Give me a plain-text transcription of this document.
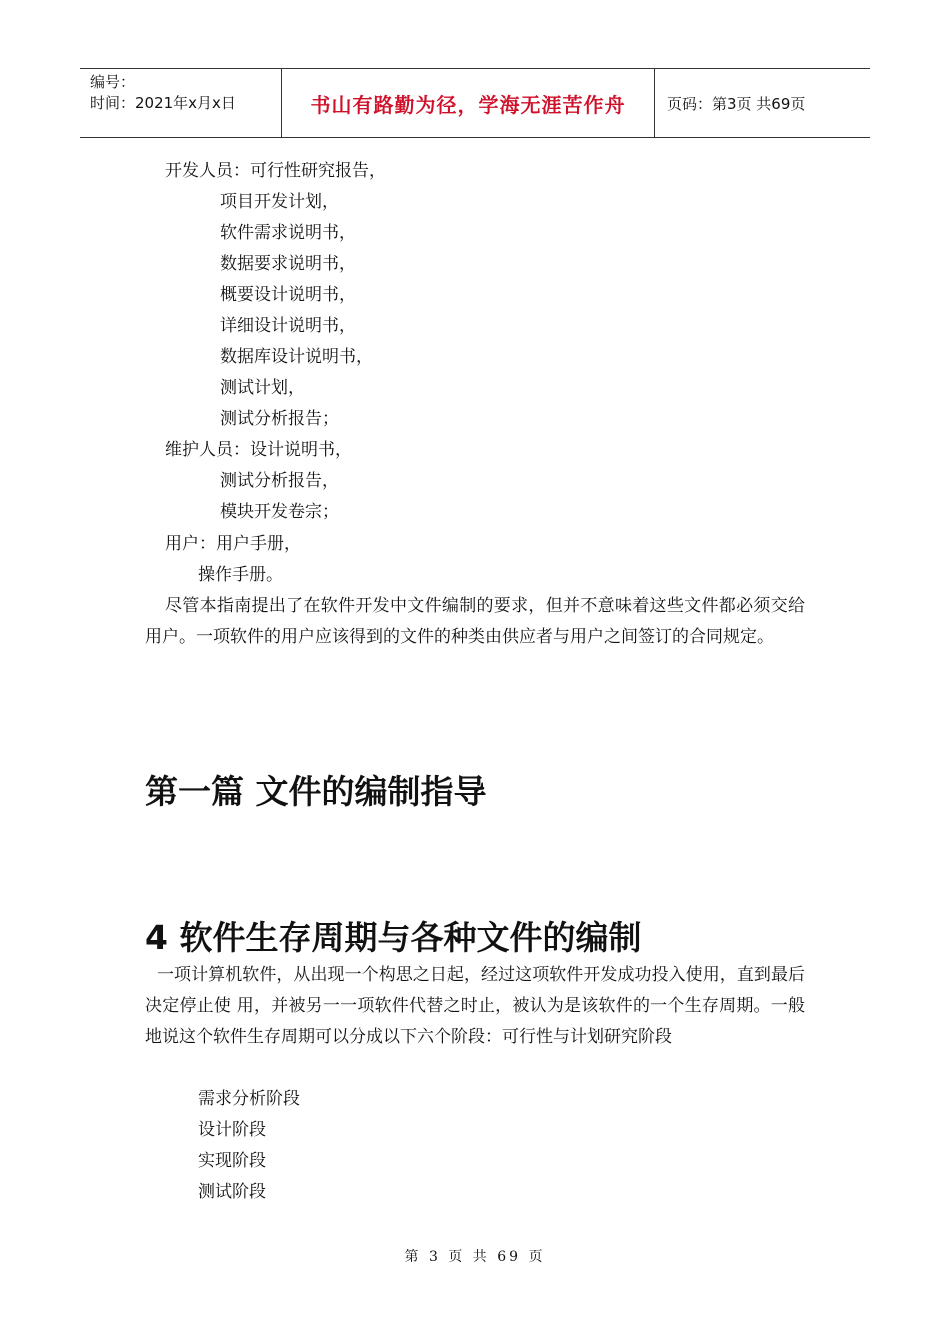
编号：
时间：2021年x月x日	书山有路勤为径，学海无涯苦作舟	页码：第3页 共69页
开发人员：可行性研究报告，
项目开发计划，
软件需求说明书，
数据要求说明书，
概要设计说明书，
详细设计说明书，
数据库设计说明书，
测试计划，
测试分析报告；
维护人员：设计说明书，
测试分析报告，
模块开发卷宗；
用户：用户手册，
操作手册。
尽管本指南提出了在软件开发中文件编制的要求，但并不意味着这些文件都必须交给用户。一项软件的用户应该得到的文件的种类由供应者与用户之间签订的合同规定。
第一篇 文件的编制指导
4 软件生存周期与各种文件的编制
一项计算机软件，从出现一个构思之日起，经过这项软件开发成功投入使用，直到最后决定停止使 用，并被另一一项软件代替之时止，被认为是该软件的一个生存周期。一般地说这个软件生存周期可以分成以下六个阶段：可行性与计划研究阶段
需求分析阶段
设计阶段
实现阶段
测试阶段
第 3 页 共 69 页
